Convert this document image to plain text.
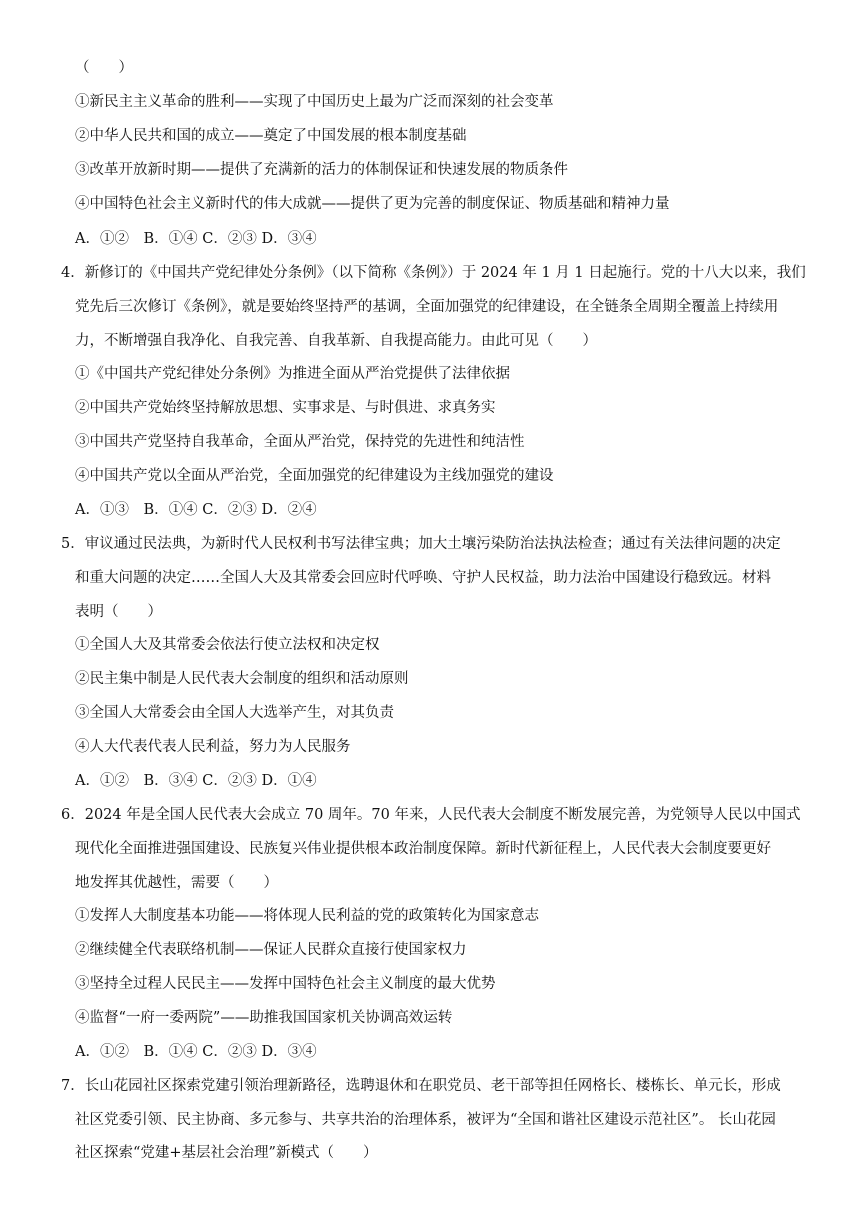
（　　）
①新民主主义革命的胜利——实现了中国历史上最为广泛而深刻的社会变革
②中华人民共和国的成立——奠定了中国发展的根本制度基础
③改革开放新时期——提供了充满新的活力的体制保证和快速发展的物质条件
④中国特色社会主义新时代的伟大成就——提供了更为完善的制度保证、物质基础和精神力量
A．①②　B．①④ C．②③ D．③④
4．新修订的《中国共产党纪律处分条例》（以下简称《条例》）于 2024 年 1 月 1 日起施行。党的十八大以来，我们
党先后三次修订《条例》，就是要始终坚持严的基调，全面加强党的纪律建设，在全链条全周期全覆盖上持续用
力，不断增强自我净化、自我完善、自我革新、自我提高能力。由此可见（　　）
①《中国共产党纪律处分条例》为推进全面从严治党提供了法律依据
②中国共产党始终坚持解放思想、实事求是、与时俱进、求真务实
③中国共产党坚持自我革命，全面从严治党，保持党的先进性和纯洁性
④中国共产党以全面从严治党，全面加强党的纪律建设为主线加强党的建设
A．①③　B．①④ C．②③ D．②④
5．审议通过民法典，为新时代人民权利书写法律宝典；加大土壤污染防治法执法检查；通过有关法律问题的决定
和重大问题的决定……全国人大及其常委会回应时代呼唤、守护人民权益，助力法治中国建设行稳致远。材料
表明（　　）
①全国人大及其常委会依法行使立法权和决定权
②民主集中制是人民代表大会制度的组织和活动原则
③全国人大常委会由全国人大选举产生，对其负责
④人大代表代表人民利益，努力为人民服务
A．①②　B．③④ C．②③ D．①④
6．2024 年是全国人民代表大会成立 70 周年。70 年来，人民代表大会制度不断发展完善，为党领导人民以中国式
现代化全面推进强国建设、民族复兴伟业提供根本政治制度保障。新时代新征程上，人民代表大会制度要更好
地发挥其优越性，需要（　　）
①发挥人大制度基本功能——将体现人民利益的党的政策转化为国家意志
②继续健全代表联络机制——保证人民群众直接行使国家权力
③坚持全过程人民民主——发挥中国特色社会主义制度的最大优势
④监督“一府一委两院”——助推我国国家机关协调高效运转
A．①②　B．①④ C．②③ D．③④
7．长山花园社区探索党建引领治理新路径，选聘退休和在职党员、老干部等担任网格长、楼栋长、单元长，形成
社区党委引领、民主协商、多元参与、共享共治的治理体系，被评为“全国和谐社区建设示范社区”。 长山花园
社区探索“党建+基层社会治理”新模式（　　）
